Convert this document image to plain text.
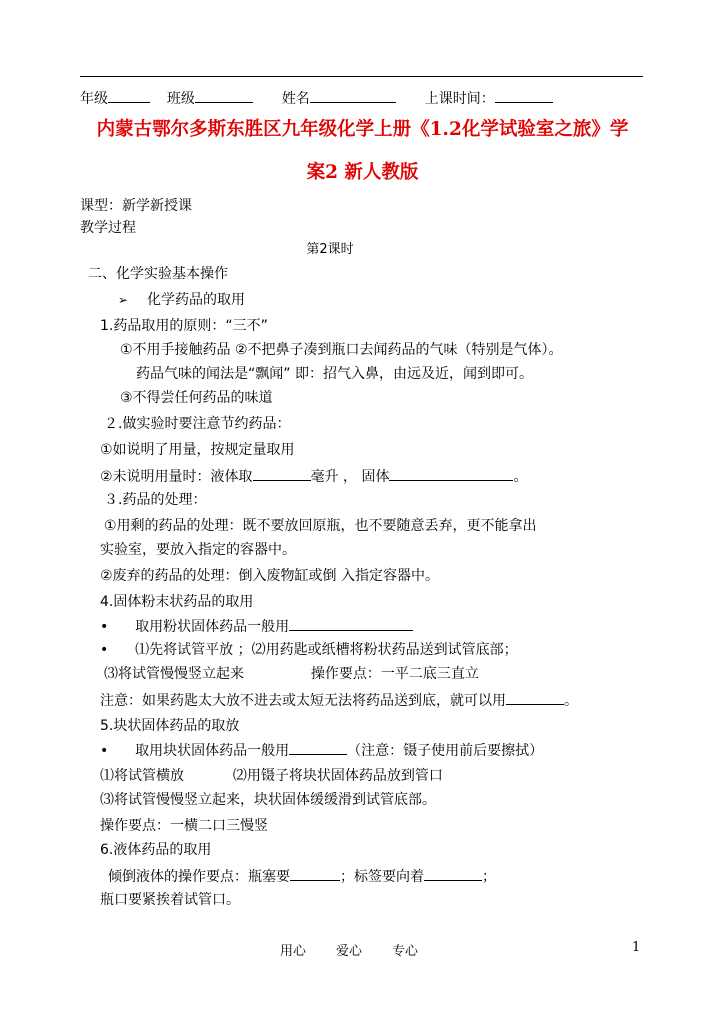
年级	班级	姓名	上课时间：
内蒙古鄂尔多斯东胜区九年级化学上册《1.2化学试验室之旅》学
案2 新人教版
课型：新学新授课
教学过程
第2课时
二、化学实验基本操作
➢ 化学药品的取用
1.药品取用的原则：“三不”
①不用手接触药品 ②不把鼻子凑到瓶口去闻药品的气味（特别是气体）。
药品气味的闻法是“飘闻” 即：招气入鼻，由远及近，闻到即可。
③不得尝任何药品的味道
２.做实验时要注意节约药品：
①如说明了用量，按规定量取用
②未说明用量时：液体取	毫升 ， 固体	。
３.药品的处理：
①用剩的药品的处理：既不要放回原瓶，也不要随意丢弃，更不能拿出
实验室，要放入指定的容器中。
②废弃的药品的处理：倒入废物缸或倒 入指定容器中。
4.固体粉末状药品的取用
• 取用粉状固体药品一般用
• ⑴先将试管平放 ；⑵用药匙或纸槽将粉状药品送到试管底部；
⑶将试管慢慢竖立起来	操作要点：一平二底三直立
注意：如果药匙太大放不进去或太短无法将药品送到底，就可以用	。
5.块状固体药品的取放
• 取用块状固体药品一般用	（注意：镊子使用前后要擦拭）
⑴将试管横放	⑵用镊子将块状固体药品放到管口
⑶将试管慢慢竖立起来，块状固体缓缓滑到试管底部。
操作要点：一横二口三慢竖
6.液体药品的取用
倾倒液体的操作要点：瓶塞要	；标签要向着	；
瓶口要紧挨着试管口。
用心 爱心 专心	1
